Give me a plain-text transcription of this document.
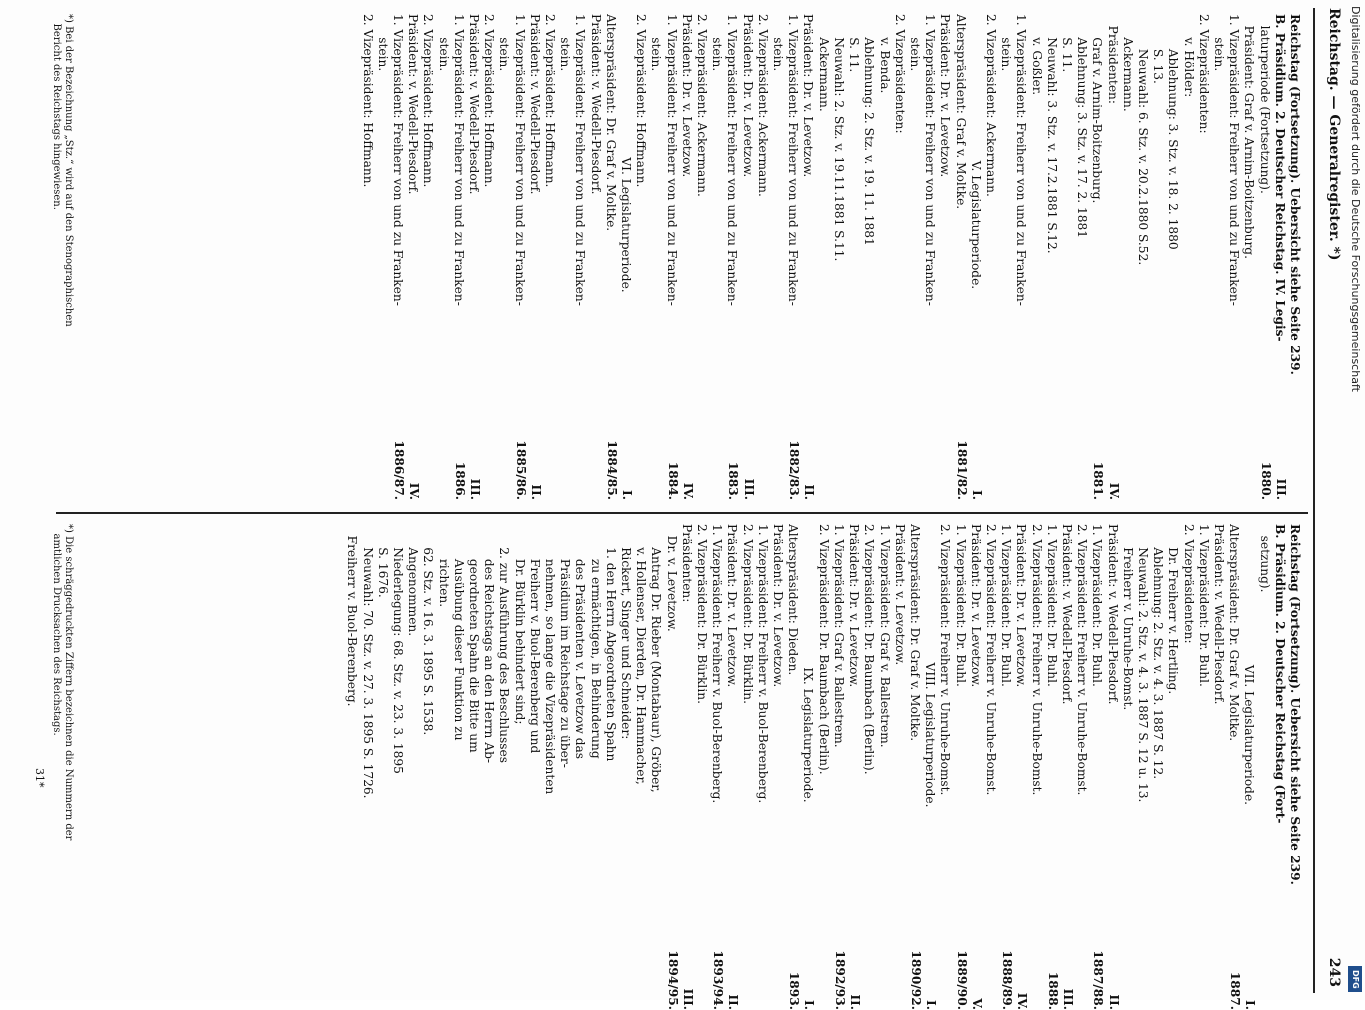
Reichstag. — Generalregister. *)
243
Reichstag (Fortsetzung). Uebersicht siehe Seite 239.
B. Präsidium. 2. Deutscher Reichstag. IV. Legis-
III.
laturperiode (Fortsetzung).
1880.
Präsident: Graf v. Arnim-Boitzenburg.
1. Vizepräsident: Freiherr von und zu Franken-
stein.
2. Vizepräsidenten:
v. Hölder:
Ablehnung: 3. Stz. v. 18. 2. 1880
S. 13.
Neuwahl: 6. Stz. v. 20.2.1880 S.52.
Ackermann.
Präsidenten:
IV.
Graf v. Arnim-Boitzenburg.
1881.
Ablehnung: 3. Stz. v. 17. 2. 1881
S. 11.
Neuwahl: 3. Stz. v. 17.2.1881 S.12.
v. Goßler.
1. Vizepräsident: Freiherr von und zu Franken-
stein.
2. Vizepräsident: Ackermann.
V. Legislaturperiode.
I.
Alterspräsident: Graf v. Moltke.
1881/82.
Präsident: Dr. v. Levetzow.
1. Vizepräsident: Freiherr von und zu Franken-
stein.
2. Vizepräsidenten:
v. Benda.
Ablehnung: 2. Stz. v. 19. 11. 1881
S. 11.
Neuwahl: 2. Stz. v. 19.11.1881 S.11.
Ackermann.
Präsident: Dr. v. Levetzow.
II.
1. Vizepräsident: Freiherr von und zu Franken-
1882/83.
stein.
2. Vizepräsident: Ackermann.
Präsident: Dr. v. Levetzow.
III.
1. Vizepräsident: Freiherr von und zu Franken-
1883.
stein.
2. Vizepräsident: Ackermann.
Präsident: Dr. v. Levetzow.
IV.
1. Vizepräsident: Freiherr von und zu Franken-
1884.
stein.
2. Vizepräsident: Hoffmann.
VI. Legislaturperiode.
I.
Alterspräsident: Dr. Graf v. Moltke.
1884/85.
Präsident: v. Wedell-Piesdorf.
1. Vizepräsident: Freiherr von und zu Franken-
stein.
2. Vizepräsident: Hoffmann.
Präsident: v. Wedell-Piesdorf.
II.
1. Vizepräsident: Freiherr von und zu Franken-
1885/86.
stein.
2. Vizepräsident: Hoffmann.
Präsident: v. Wedell-Piesdorf.
III.
1. Vizepräsident: Freiherr von und zu Franken-
1886.
stein.
2. Vizepräsident: Hoffmann.
Präsident: v. Wedell-Piesdorf.
IV.
1. Vizepräsident: Freiherr von und zu Franken-
1886/87.
stein.
2. Vizepräsident: Hoffmann.
Reichstag (Fortsetzung). Uebersicht siehe Seite 239.
B. Präsidium. 2. Deutscher Reichstag (Fort-
setzung).
VII. Legislaturperiode.
I.
Alterspräsident: Dr. Graf v. Moltke.
1887.
Präsident: v. Wedell-Piesdorf.
1. Vizepräsident: Dr. Buhl.
2. Vizepräsidenten:
Dr. Freiherr v. Hertling.
Ablehnung: 2. Stz. v. 4. 3. 1887 S. 12.
Neuwahl: 2. Stz. v. 4. 3. 1887 S. 12 u. 13.
Freiherr v. Unruhe-Bomst.
Präsident: v. Wedell-Piesdorf.
II.
1. Vizepräsident: Dr. Buhl.
1887/88.
2. Vizepräsident: Freiherr v. Unruhe-Bomst.
Präsident: v. Wedell-Piesdorf.
III.
1. Vizepräsident: Dr. Buhl.
1888.
2. Vizepräsident: Freiherr v. Unruhe-Bomst.
Präsident: Dr. v. Levetzow.
IV.
1. Vizepräsident: Dr. Buhl.
1888/89.
2. Vizepräsident: Freiherr v. Unruhe-Bomst.
Präsident: Dr. v. Levetzow.
V.
1. Vizepräsident: Dr. Buhl.
1889/90.
2. Vizepräsident: Freiherr v. Unruhe-Bomst.
VIII. Legislaturperiode.
I.
Alterspräsident: Dr. Graf v. Moltke.
1890/92.
Präsident: v. Levetzow.
1. Vizepräsident: Graf v. Ballestrem.
2. Vizepräsident: Dr. Baumbach (Berlin).
Präsident: Dr. v. Levetzow.
II.
1. Vizepräsident: Graf v. Ballestrem.
1892/93.
2. Vizepräsident: Dr. Baumbach (Berlin).
IX. Legislaturperiode.
I.
Alterspräsident: Dieden.
1893.
Präsident: Dr. v. Levetzow.
1. Vizepräsident: Freiherr v. Buol-Berenberg.
2. Vizepräsident: Dr. Bürklin.
Präsident: Dr. v. Levetzow.
II.
1. Vizepräsident: Freiherr v. Buol-Berenberg.
1893/94.
2. Vizepräsident: Dr. Bürklin.
Präsidenten:
III.
Dr. v. Levetzow.
1894/95.
Antrag Dr. Rieber (Montabaur), Gröber,
v. Hollenser, Dierden, Dr. Hammacher,
Rickert, Singer und Schneider:
1. den Herrn Abgeordneten Spahn
zu ermächtigen, in Behinderung
des Präsidenten v. Levetzow das
Präsidium im Reichstage zu über-
nehmen, so lange die Vizepräsidenten
Freiherr v. Buol-Berenberg und
Dr. Bürklin behindert sind;
2. zur Ausführung des Beschlusses
des Reichstags an den Herrn Ab-
geordneten Spahn die Bitte um
Ausübung dieser Funktion zu
richten.
62. Stz. v. 16. 3. 1895 S. 1538.
Angenommen.
Niederlegung: 68. Stz. v. 23. 3. 1895
S. 1676.
Neuwahl: 70. Stz. v. 27. 3. 1895 S. 1726.
Freiherr v. Buol-Berenberg.
*) Bei der Bezeichnung „Stz.“ wird auf den Stenographischen
Bericht des Reichstags hingewiesen.
*) Die schräggedruckten Ziffern bezeichnen die Nummern der
amtlichen Drucksachen des Reichstags.
31*
Digitalisierung gefördert durch die Deutsche Forschungsgemeinschaft
DFG
